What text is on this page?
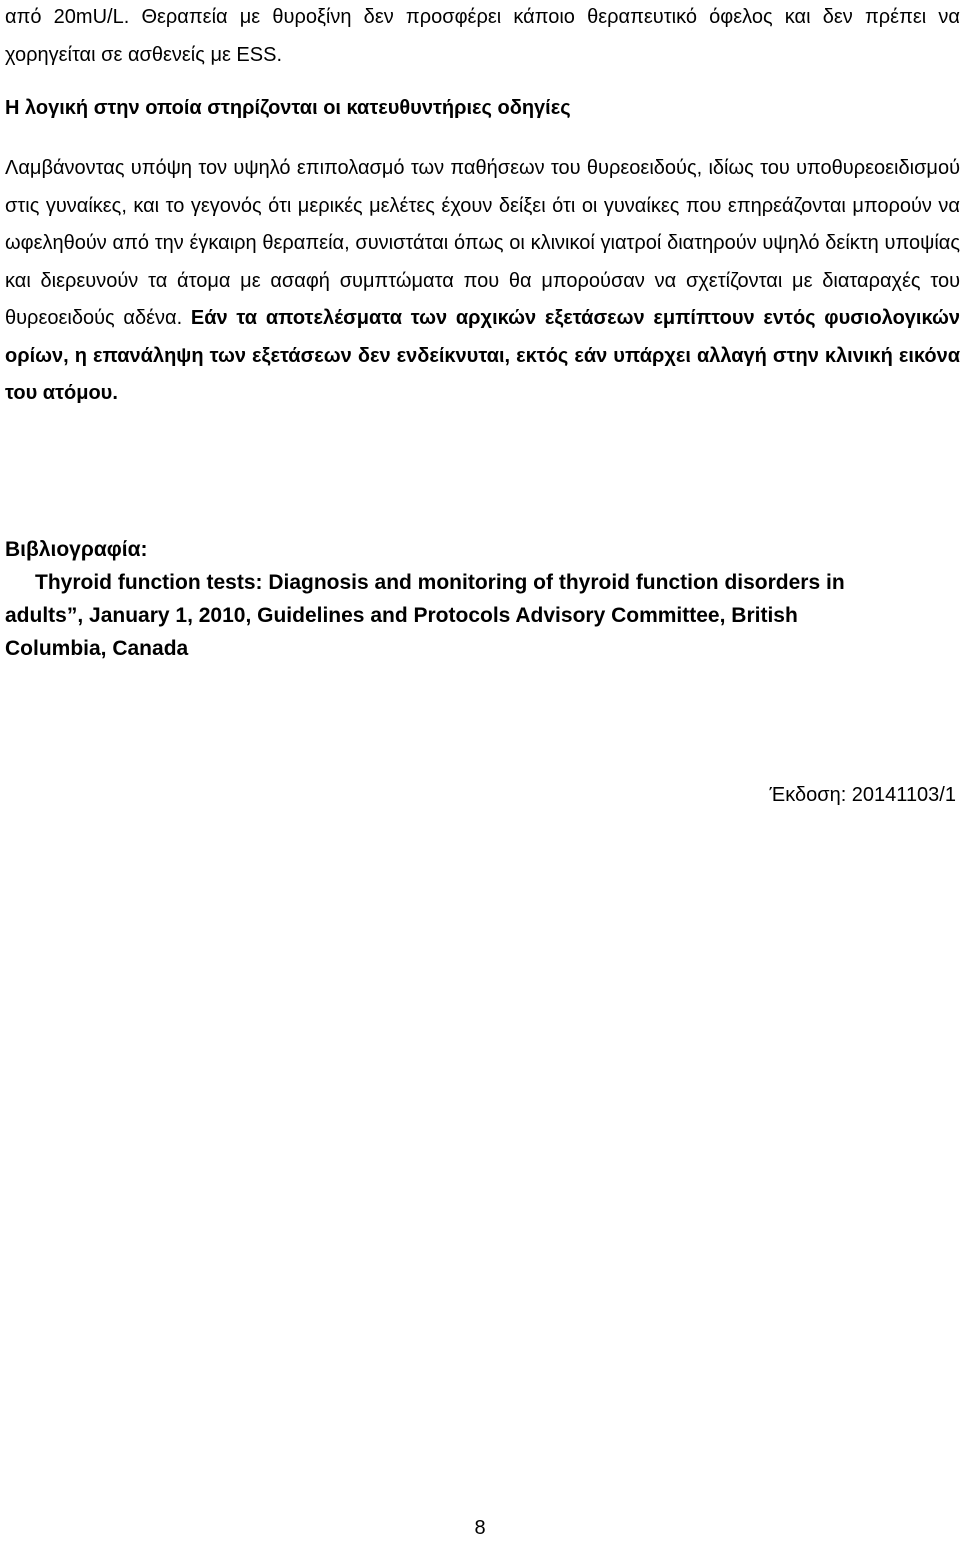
από 20mU/L. Θεραπεία με θυροξίνη δεν προσφέρει κάποιο θεραπευτικό όφελος και δεν πρέπει να χορηγείται σε ασθενείς με ESS.

Η λογική στην οποία στηρίζονται οι κατευθυντήριες οδηγίες

Λαμβάνοντας υπόψη τον υψηλό επιπολασμό των παθήσεων του θυρεοειδούς, ιδίως του υποθυρεοειδισμού στις γυναίκες, και το γεγονός ότι μερικές μελέτες έχουν δείξει ότι οι γυναίκες που επηρεάζονται μπορούν να ωφεληθούν από την έγκαιρη θεραπεία, συνιστάται όπως οι κλινικοί γιατροί διατηρούν υψηλό δείκτη υποψίας και διερευνούν τα άτομα με ασαφή συμπτώματα που θα μπορούσαν να σχετίζονται με διαταραχές του θυρεοειδούς αδένα. Εάν τα αποτελέσματα των αρχικών εξετάσεων εμπίπτουν εντός φυσιολογικών ορίων, η επανάληψη των εξετάσεων δεν ενδείκνυται, εκτός εάν υπάρχει αλλαγή στην κλινική εικόνα του ατόμου.

Βιβλιογραφία:

Thyroid function tests: Diagnosis and monitoring of thyroid function disorders in adults”, January 1, 2010, Guidelines and Protocols Advisory Committee, British Columbia, Canada

Έκδοση: 20141103/1

8
